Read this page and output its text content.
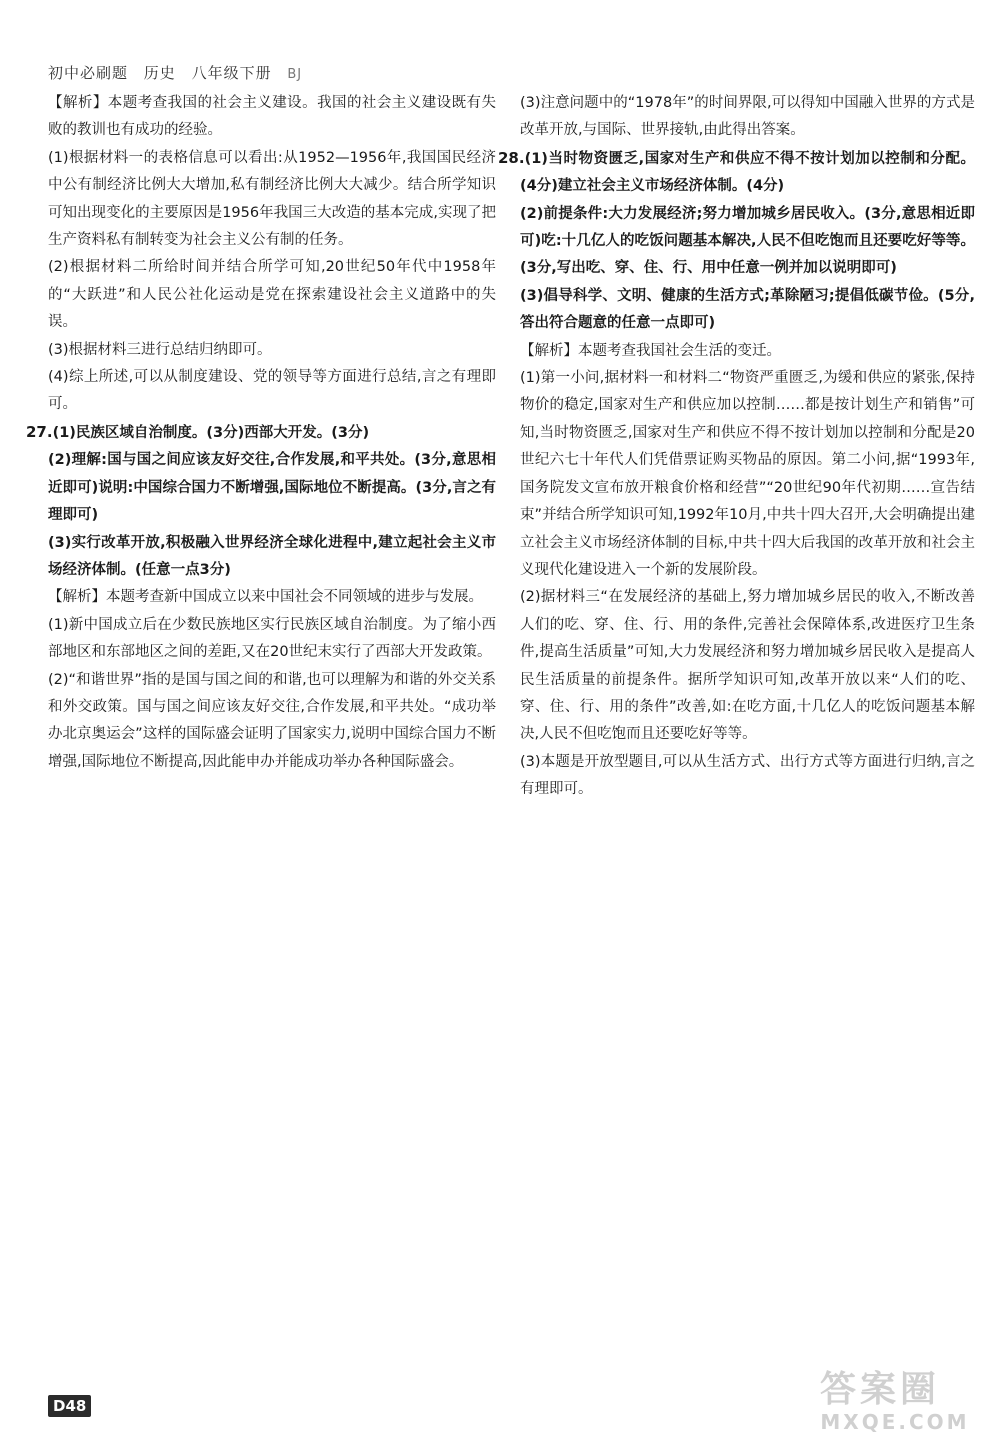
初中必刷题 历史 八年级下册 BJ

【解析】本题考查我国的社会主义建设。我国的社会主义建设既有失败的教训也有成功的经验。

(1)根据材料一的表格信息可以看出:从1952—1956年,我国国民经济中公有制经济比例大大增加,私有制经济比例大大减少。结合所学知识可知出现变化的主要原因是1956年我国三大改造的基本完成,实现了把生产资料私有制转变为社会主义公有制的任务。

(2)根据材料二所给时间并结合所学可知,20世纪50年代中1958年的“大跃进”和人民公社化运动是党在探索建设社会主义道路中的失误。

(3)根据材料三进行总结归纳即可。

(4)综上所述,可以从制度建设、党的领导等方面进行总结,言之有理即可。

27.(1)民族区域自治制度。(3分)西部大开发。(3分)

(2)理解:国与国之间应该友好交往,合作发展,和平共处。(3分,意思相近即可)说明:中国综合国力不断增强,国际地位不断提高。(3分,言之有理即可)

(3)实行改革开放,积极融入世界经济全球化进程中,建立起社会主义市场经济体制。(任意一点3分)

【解析】本题考查新中国成立以来中国社会不同领域的进步与发展。

(1)新中国成立后在少数民族地区实行民族区域自治制度。为了缩小西部地区和东部地区之间的差距,又在20世纪末实行了西部大开发政策。

(2)“和谐世界”指的是国与国之间的和谐,也可以理解为和谐的外交关系和外交政策。国与国之间应该友好交往,合作发展,和平共处。“成功举办北京奥运会”这样的国际盛会证明了国家实力,说明中国综合国力不断增强,国际地位不断提高,因此能申办并能成功举办各种国际盛会。

(3)注意问题中的“1978年”的时间界限,可以得知中国融入世界的方式是改革开放,与国际、世界接轨,由此得出答案。

28.(1)当时物资匮乏,国家对生产和供应不得不按计划加以控制和分配。(4分)建立社会主义市场经济体制。(4分)

(2)前提条件:大力发展经济;努力增加城乡居民收入。(3分,意思相近即可)吃:十几亿人的吃饭问题基本解决,人民不但吃饱而且还要吃好等等。(3分,写出吃、穿、住、行、用中任意一例并加以说明即可)

(3)倡导科学、文明、健康的生活方式;革除陋习;提倡低碳节俭。(5分,答出符合题意的任意一点即可)

【解析】本题考查我国社会生活的变迁。

(1)第一小问,据材料一和材料二“物资严重匮乏,为缓和供应的紧张,保持物价的稳定,国家对生产和供应加以控制……都是按计划生产和销售”可知,当时物资匮乏,国家对生产和供应不得不按计划加以控制和分配是20世纪六七十年代人们凭借票证购买物品的原因。第二小问,据“1993年,国务院发文宣布放开粮食价格和经营”“20世纪90年代初期……宣告结束”并结合所学知识可知,1992年10月,中共十四大召开,大会明确提出建立社会主义市场经济体制的目标,中共十四大后我国的改革开放和社会主义现代化建设进入一个新的发展阶段。

(2)据材料三“在发展经济的基础上,努力增加城乡居民的收入,不断改善人们的吃、穿、住、行、用的条件,完善社会保障体系,改进医疗卫生条件,提高生活质量”可知,大力发展经济和努力增加城乡居民收入是提高人民生活质量的前提条件。据所学知识可知,改革开放以来“人们的吃、穿、住、行、用的条件”改善,如:在吃方面,十几亿人的吃饭问题基本解决,人民不但吃饱而且还要吃好等等。

(3)本题是开放型题目,可以从生活方式、出行方式等方面进行归纳,言之有理即可。

D48	答案圈
MXQE.COM
